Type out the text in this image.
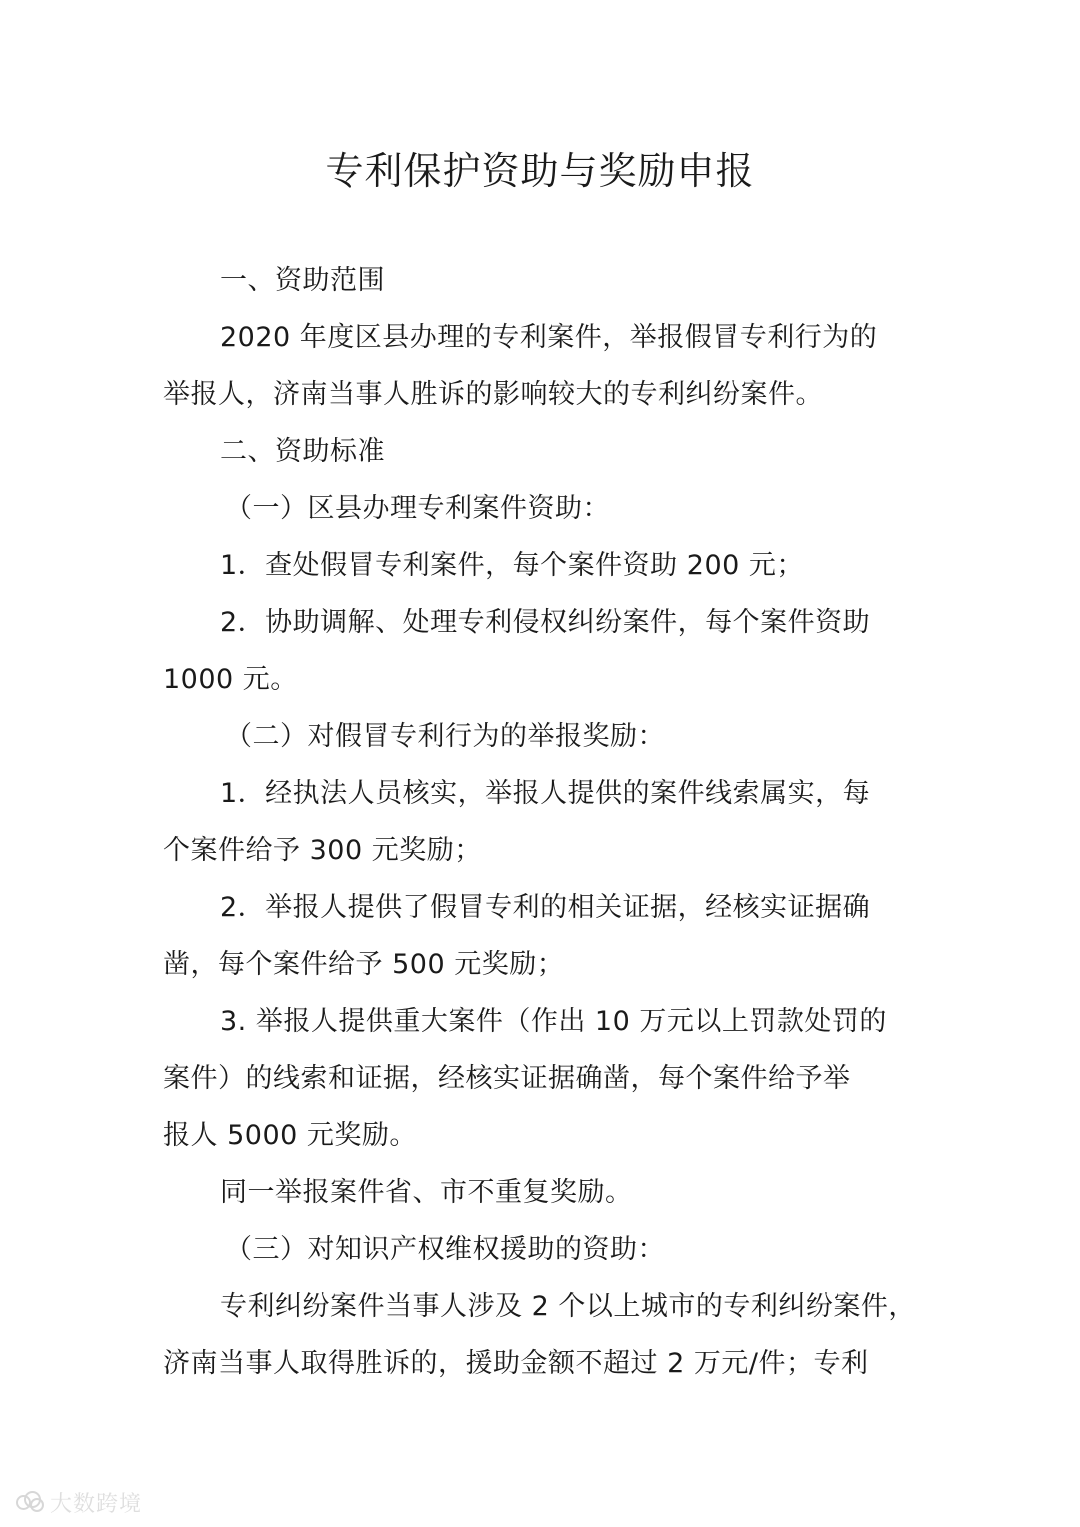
专利保护资助与奖励申报
一、资助范围
2020 年度区县办理的专利案件，举报假冒专利行为的
举报人，济南当事人胜诉的影响较大的专利纠纷案件。
二、资助标准
（一）区县办理专利案件资助：
1．查处假冒专利案件，每个案件资助 200 元；
2．协助调解、处理专利侵权纠纷案件，每个案件资助
1000 元。
（二）对假冒专利行为的举报奖励：
1．经执法人员核实，举报人提供的案件线索属实，每
个案件给予 300 元奖励；
2．举报人提供了假冒专利的相关证据，经核实证据确
凿，每个案件给予 500 元奖励；
3. 举报人提供重大案件（作出 10 万元以上罚款处罚的
案件）的线索和证据，经核实证据确凿，每个案件给予举
报人 5000 元奖励。
同一举报案件省、市不重复奖励。
（三）对知识产权维权援助的资助：
专利纠纷案件当事人涉及 2 个以上城市的专利纠纷案件，
济南当事人取得胜诉的，援助金额不超过 2 万元/件；专利
大数跨境
